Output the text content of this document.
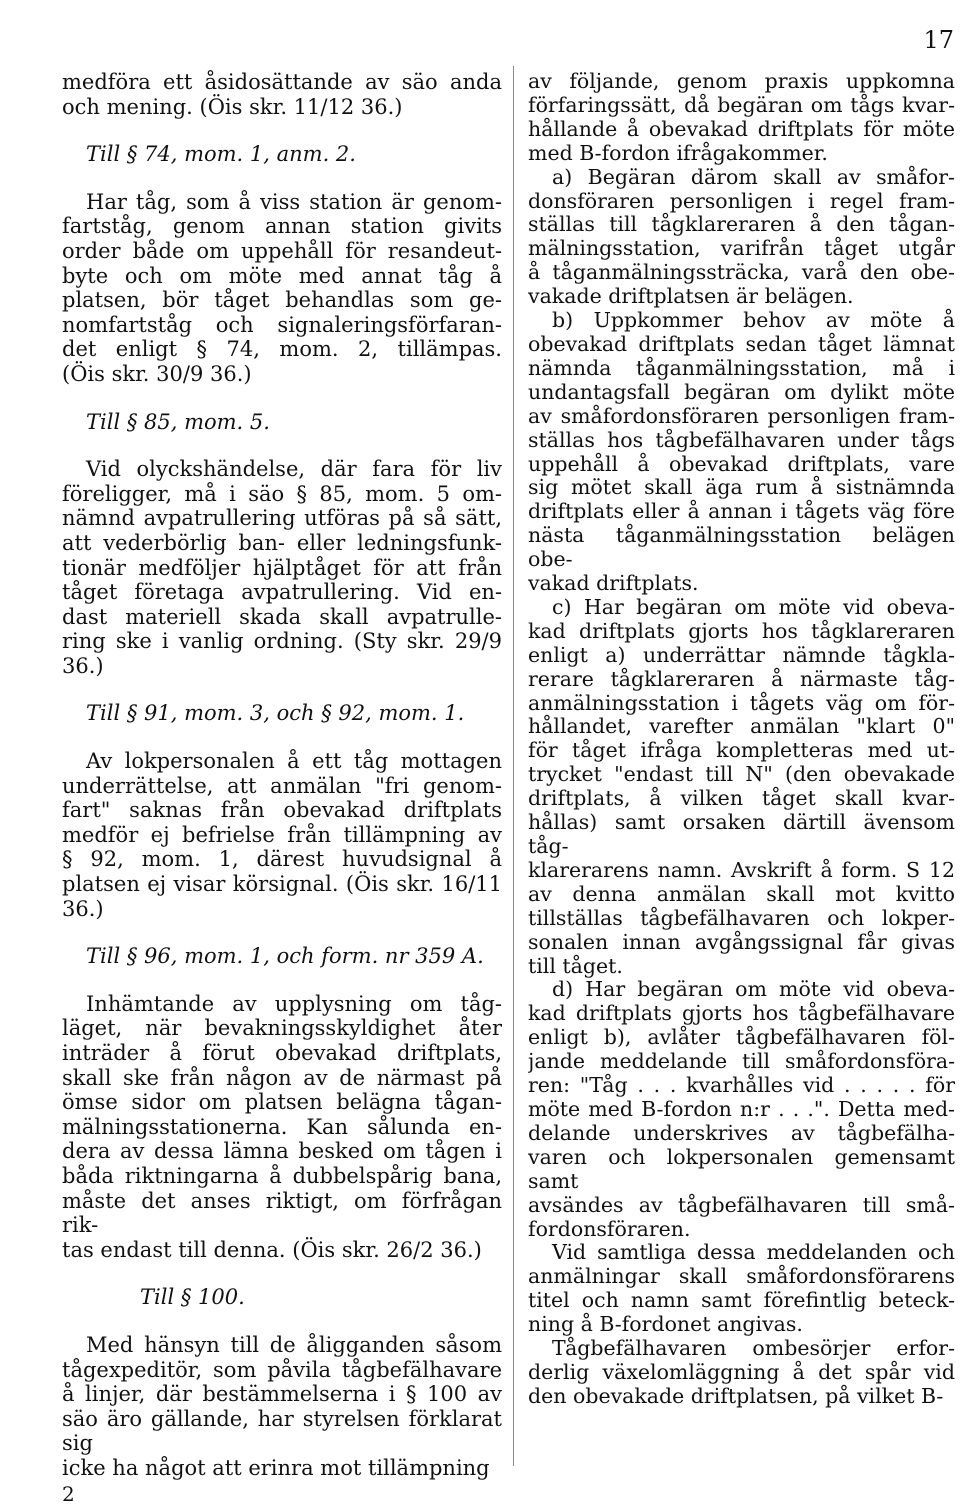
17
medföra ett åsidosättande av säo anda
och mening. (Öis skr. 11/12 36.)
Till § 74, mom. 1, anm. 2.
Har tåg, som å viss station är genom-
fartståg, genom annan station givits
order både om uppehåll för resandeut-
byte och om möte med annat tåg å
platsen, bör tåget behandlas som ge-
nomfartståg och signaleringsförfaran-
det enligt § 74, mom. 2, tillämpas.
(Öis skr. 30/9 36.)
Till § 85, mom. 5.
Vid olyckshändelse, där fara för liv
föreligger, må i säo § 85, mom. 5 om-
nämnd avpatrullering utföras på så sätt,
att vederbörlig ban- eller ledningsfunk-
tionär medföljer hjälptåget för att från
tåget företaga avpatrullering. Vid en-
dast materiell skada skall avpatrulle-
ring ske i vanlig ordning. (Sty skr. 29/9
36.)
Till § 91, mom. 3, och § 92, mom. 1.
Av lokpersonalen å ett tåg mottagen
underrättelse, att anmälan "fri genom-
fart" saknas från obevakad driftplats
medför ej befrielse från tillämpning av
§ 92, mom. 1, därest huvudsignal å
platsen ej visar körsignal. (Öis skr. 16/11
36.)
Till § 96, mom. 1, och form. nr 359 A.
Inhämtande av upplysning om tåg-
läget, när bevakningsskyldighet åter
inträder å förut obevakad driftplats,
skall ske från någon av de närmast på
ömse sidor om platsen belägna tågan-
mälningsstationerna. Kan sålunda en-
dera av dessa lämna besked om tågen i
båda riktningarna å dubbelspårig bana,
måste det anses riktigt, om förfrågan rik-
tas endast till denna. (Öis skr. 26/2 36.)
Till § 100.
Med hänsyn till de åligganden såsom
tågexpeditör, som påvila tågbefälhavare
å linjer, där bestämmelserna i § 100 av
säo äro gällande, har styrelsen förklarat sig
icke ha något att erinra mot tillämpning
av följande, genom praxis uppkomna
förfaringssätt, då begäran om tågs kvar-
hållande å obevakad driftplats för möte
med B-fordon ifrågakommer.
a) Begäran därom skall av småfor-
donsföraren personligen i regel fram-
ställas till tågklareraren å den tågan-
mälningsstation, varifrån tåget utgår
å tåganmälningssträcka, varå den obe-
vakade driftplatsen är belägen.
b) Uppkommer behov av möte å
obevakad driftplats sedan tåget lämnat
nämnda tåganmälningsstation, må i
undantagsfall begäran om dylikt möte
av småfordonsföraren personligen fram-
ställas hos tågbefälhavaren under tågs
uppehåll å obevakad driftplats, vare
sig mötet skall äga rum å sistnämnda
driftplats eller å annan i tågets väg före
nästa tåganmälningsstation belägen obe-
vakad driftplats.
c) Har begäran om möte vid obeva-
kad driftplats gjorts hos tågklareraren
enligt a) underrättar nämnde tågkla-
rerare tågklareraren å närmaste tåg-
anmälningsstation i tågets väg om för-
hållandet, varefter anmälan "klart 0"
för tåget ifråga kompletteras med ut-
trycket "endast till N" (den obevakade
driftplats, å vilken tåget skall kvar-
hållas) samt orsaken därtill ävensom tåg-
klarerarens namn. Avskrift å form. S 12
av denna anmälan skall mot kvitto
tillställas tågbefälhavaren och lokper-
sonalen innan avgångssignal får givas
till tåget.
d) Har begäran om möte vid obeva-
kad driftplats gjorts hos tågbefälhavare
enligt b), avlåter tågbefälhavaren föl-
jande meddelande till småfordonsföra-
ren: "Tåg . . . kvarhålles vid . . . . . för
möte med B-fordon n:r . . .". Detta med-
delande underskrives av tågbefälha-
varen och lokpersonalen gemensamt samt
avsändes av tågbefälhavaren till små-
fordonsföraren.
Vid samtliga dessa meddelanden och
anmälningar skall småfordonsförarens
titel och namn samt förefintlig beteck-
ning å B-fordonet angivas.
Tågbefälhavaren ombesörjer erfor-
derlig växelomläggning å det spår vid
den obevakade driftplatsen, på vilket B-
2
